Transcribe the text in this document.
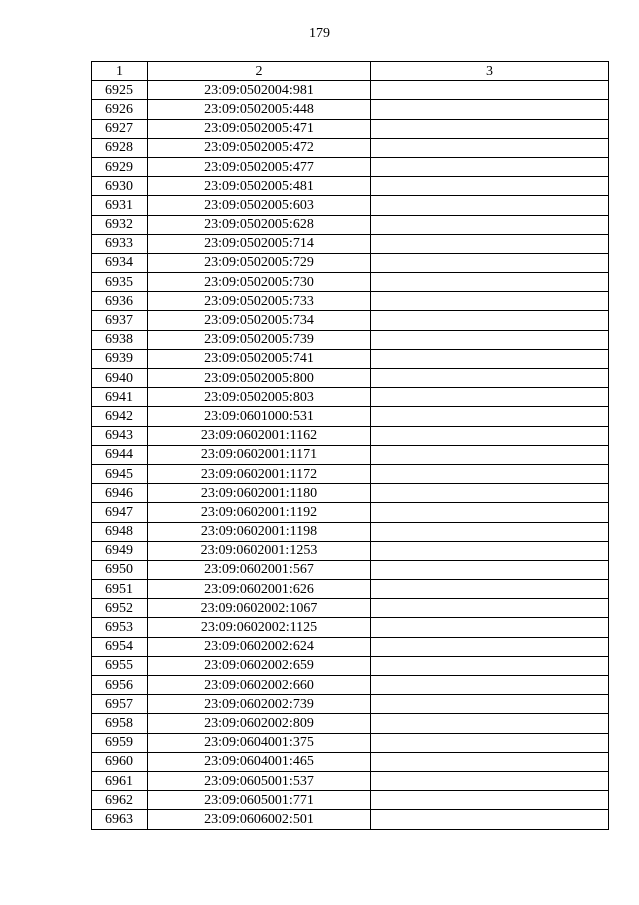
179
1	2	3
6925	23:09:0502004:981	
6926	23:09:0502005:448	
6927	23:09:0502005:471	
6928	23:09:0502005:472	
6929	23:09:0502005:477	
6930	23:09:0502005:481	
6931	23:09:0502005:603	
6932	23:09:0502005:628	
6933	23:09:0502005:714	
6934	23:09:0502005:729	
6935	23:09:0502005:730	
6936	23:09:0502005:733	
6937	23:09:0502005:734	
6938	23:09:0502005:739	
6939	23:09:0502005:741	
6940	23:09:0502005:800	
6941	23:09:0502005:803	
6942	23:09:0601000:531	
6943	23:09:0602001:1162	
6944	23:09:0602001:1171	
6945	23:09:0602001:1172	
6946	23:09:0602001:1180	
6947	23:09:0602001:1192	
6948	23:09:0602001:1198	
6949	23:09:0602001:1253	
6950	23:09:0602001:567	
6951	23:09:0602001:626	
6952	23:09:0602002:1067	
6953	23:09:0602002:1125	
6954	23:09:0602002:624	
6955	23:09:0602002:659	
6956	23:09:0602002:660	
6957	23:09:0602002:739	
6958	23:09:0602002:809	
6959	23:09:0604001:375	
6960	23:09:0604001:465	
6961	23:09:0605001:537	
6962	23:09:0605001:771	
6963	23:09:0606002:501	
